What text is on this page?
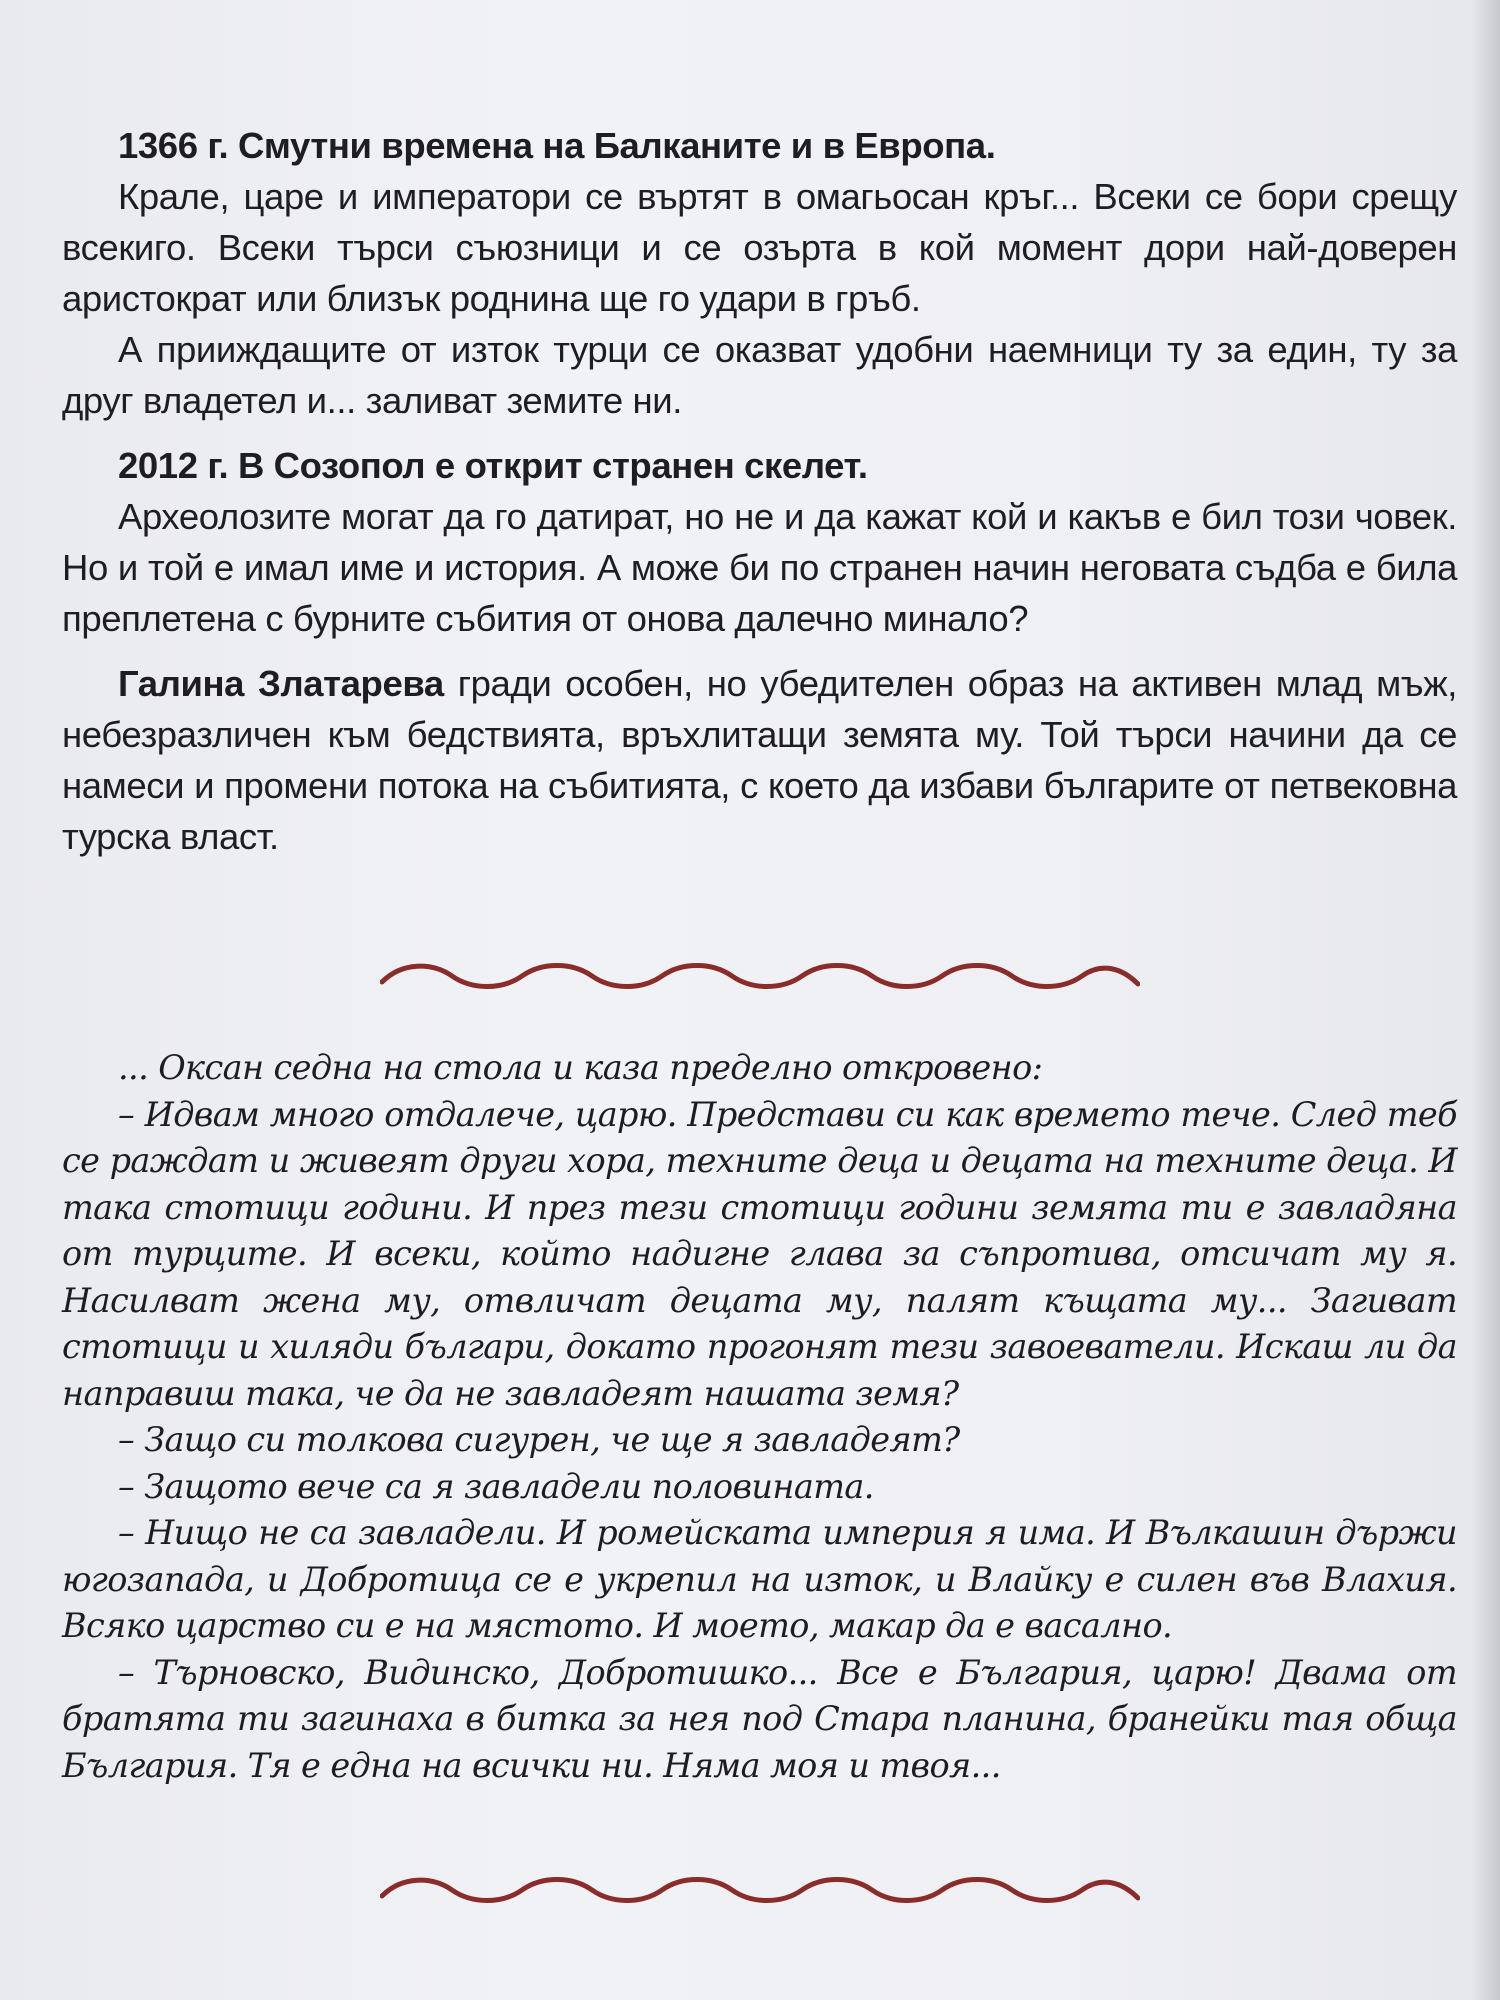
1366 г. Смутни времена на Балканите и в Европа.

Крале, царе и императори се въртят в омагьосан кръг... Всеки се бори срещу всекиго. Всеки търси съюзници и се озърта в кой момент дори най-доверен аристократ или близък роднина ще го удари в гръб.

А прииждащите от изток турци се оказват удобни наемници ту за един, ту за друг владетел и... заливат земите ни.

2012 г. В Созопол е открит странен скелет.

Археолозите могат да го датират, но не и да кажат кой и какъв е бил този човек. Но и той е имал име и история. А може би по странен начин неговата съдба е била преплетена с бурните събития от онова далечно минало?

Галина Златарева гради особен, но убедителен образ на активен млад мъж, небезразличен към бедствията, връхлитащи земята му. Той търси начини да се намеси и промени потока на събитията, с което да избави българите от петвековна турска власт.

... Оксан седна на стола и каза пределно откровено:

– Идвам много отдалече, царю. Представи си как времето тече. След теб се раждат и живеят други хора, техните деца и децата на техните деца. И така стотици години. И през тези стотици години земята ти е завладяна от турците. И всеки, който надигне глава за съпротива, отсичат му я. Насилват жена му, отвличат децата му, палят къщата му... Загиват стотици и хиляди българи, докато прогонят тези завоеватели. Искаш ли да направиш така, че да не завладеят нашата земя?

– Защо си толкова сигурен, че ще я завладеят?

– Защото вече са я завладели половината.

– Нищо не са завладели. И ромейската империя я има. И Вълкашин държи югозапада, и Добротица се е укрепил на изток, и Влайку е силен във Влахия. Всяко царство си е на мястото. И моето, макар да е васално.

– Търновско, Видинско, Добротишко... Все е България, царю! Двама от братята ти загинаха в битка за нея под Стара планина, бранейки тая обща България. Тя е една на всички ни. Няма моя и твоя...
